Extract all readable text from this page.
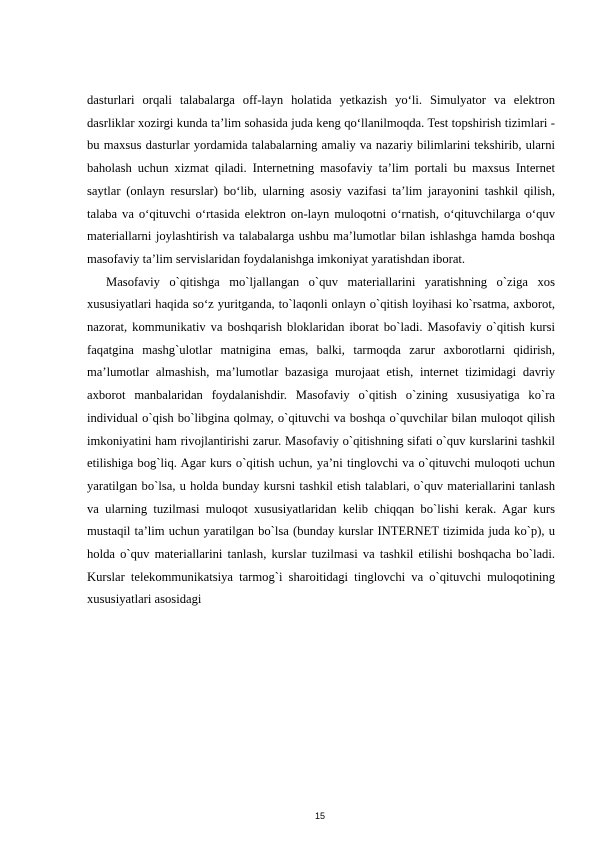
dasturlari orqali talabalarga off-layn holatida yetkazish yo‘li. Simulyator va elektron dasrliklar xozirgi kunda ta’lim sohasida juda keng qo‘llanilmoqda. Test topshirish tizimlari - bu maxsus dasturlar yordamida talabalarning amaliy va nazariy bilimlarini tekshirib, ularni baholash uchun xizmat qiladi. Internetning masofaviy ta’lim portali bu maxsus Internet saytlar (onlayn resurslar) bo‘lib, ularning asosiy vazifasi ta’lim jarayonini tashkil qilish, talaba va o‘qituvchi o‘rtasida elektron on-layn muloqotni o‘rnatish, o‘qituvchilarga o‘quv materiallarni joylashtirish va talabalarga ushbu ma’lumotlar bilan ishlashga hamda boshqa masofaviy ta’lim servislaridan foydalanishga imkoniyat yaratishdan iborat.

Masofaviy o`qitishga mo`ljallangan o`quv materiallarini yaratishning o`ziga xos xususiyatlari haqida so‘z yuritganda, to`laqonli onlayn o`qitish loyihasi ko`rsatma, axborot, nazorat, kommunikativ va boshqarish bloklaridan iborat bo`ladi. Masofaviy o`qitish kursi faqatgina mashg`ulotlar matnigina emas, balki, tarmoqda zarur axborotlarni qidirish, ma’lumotlar almashish, ma’lumotlar bazasiga murojaat etish, internet tizimidagi davriy axborot manbalaridan foydalanishdir. Masofaviy o`qitish o`zining xususiyatiga ko`ra individual o`qish bo`libgina qolmay, o`qituvchi va boshqa o`quvchilar bilan muloqot qilish imkoniyatini ham rivojlantirishi zarur. Masofaviy o`qitishning sifati o`quv kurslarini tashkil etilishiga bog`liq. Agar kurs o`qitish uchun, ya’ni tinglovchi va o`qituvchi muloqoti uchun yaratilgan bo`lsa, u holda bunday kursni tashkil etish talablari, o`quv materiallarini tanlash va ularning tuzilmasi muloqot xususiyatlaridan kelib chiqqan bo`lishi kerak. Agar kurs mustaqil ta’lim uchun yaratilgan bo`lsa (bunday kurslar INTERNET tizimida juda ko`p), u holda o`quv materiallarini tanlash, kurslar tuzilmasi va tashkil etilishi boshqacha bo`ladi. Kurslar telekommunikatsiya tarmog`i sharoitidagi tinglovchi va o`qituvchi muloqotining xususiyatlari asosidagi

15
